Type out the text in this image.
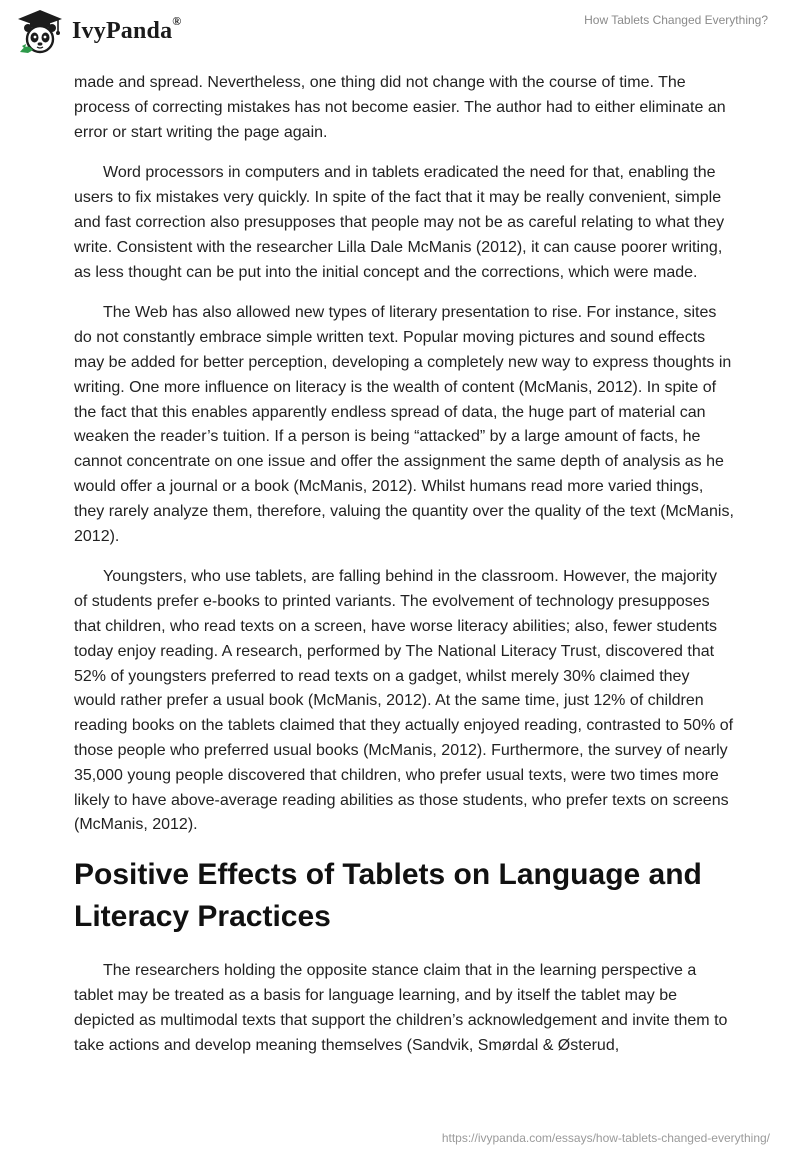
IvyPanda®	How Tablets Changed Everything?

made and spread. Nevertheless, one thing did not change with the course of time. The process of correcting mistakes has not become easier. The author had to either eliminate an error or start writing the page again.

Word processors in computers and in tablets eradicated the need for that, enabling the users to fix mistakes very quickly. In spite of the fact that it may be really convenient, simple and fast correction also presupposes that people may not be as careful relating to what they write. Consistent with the researcher Lilla Dale McManis (2012), it can cause poorer writing, as less thought can be put into the initial concept and the corrections, which were made.

The Web has also allowed new types of literary presentation to rise. For instance, sites do not constantly embrace simple written text. Popular moving pictures and sound effects may be added for better perception, developing a completely new way to express thoughts in writing. One more influence on literacy is the wealth of content (McManis, 2012). In spite of the fact that this enables apparently endless spread of data, the huge part of material can weaken the reader’s tuition. If a person is being “attacked” by a large amount of facts, he cannot concentrate on one issue and offer the assignment the same depth of analysis as he would offer a journal or a book (McManis, 2012). Whilst humans read more varied things, they rarely analyze them, therefore, valuing the quantity over the quality of the text (McManis, 2012).

Youngsters, who use tablets, are falling behind in the classroom. However, the majority of students prefer e-books to printed variants. The evolvement of technology presupposes that children, who read texts on a screen, have worse literacy abilities; also, fewer students today enjoy reading. A research, performed by The National Literacy Trust, discovered that 52% of youngsters preferred to read texts on a gadget, whilst merely 30% claimed they would rather prefer a usual book (McManis, 2012). At the same time, just 12% of children reading books on the tablets claimed that they actually enjoyed reading, contrasted to 50% of those people who preferred usual books (McManis, 2012). Furthermore, the survey of nearly 35,000 young people discovered that children, who prefer usual texts, were two times more likely to have above-average reading abilities as those students, who prefer texts on screens (McManis, 2012).

Positive Effects of Tablets on Language and Literacy Practices

The researchers holding the opposite stance claim that in the learning perspective a tablet may be treated as a basis for language learning, and by itself the tablet may be depicted as multimodal texts that support the children’s acknowledgement and invite them to take actions and develop meaning themselves (Sandvik, Smørdal & Østerud,

https://ivypanda.com/essays/how-tablets-changed-everything/
